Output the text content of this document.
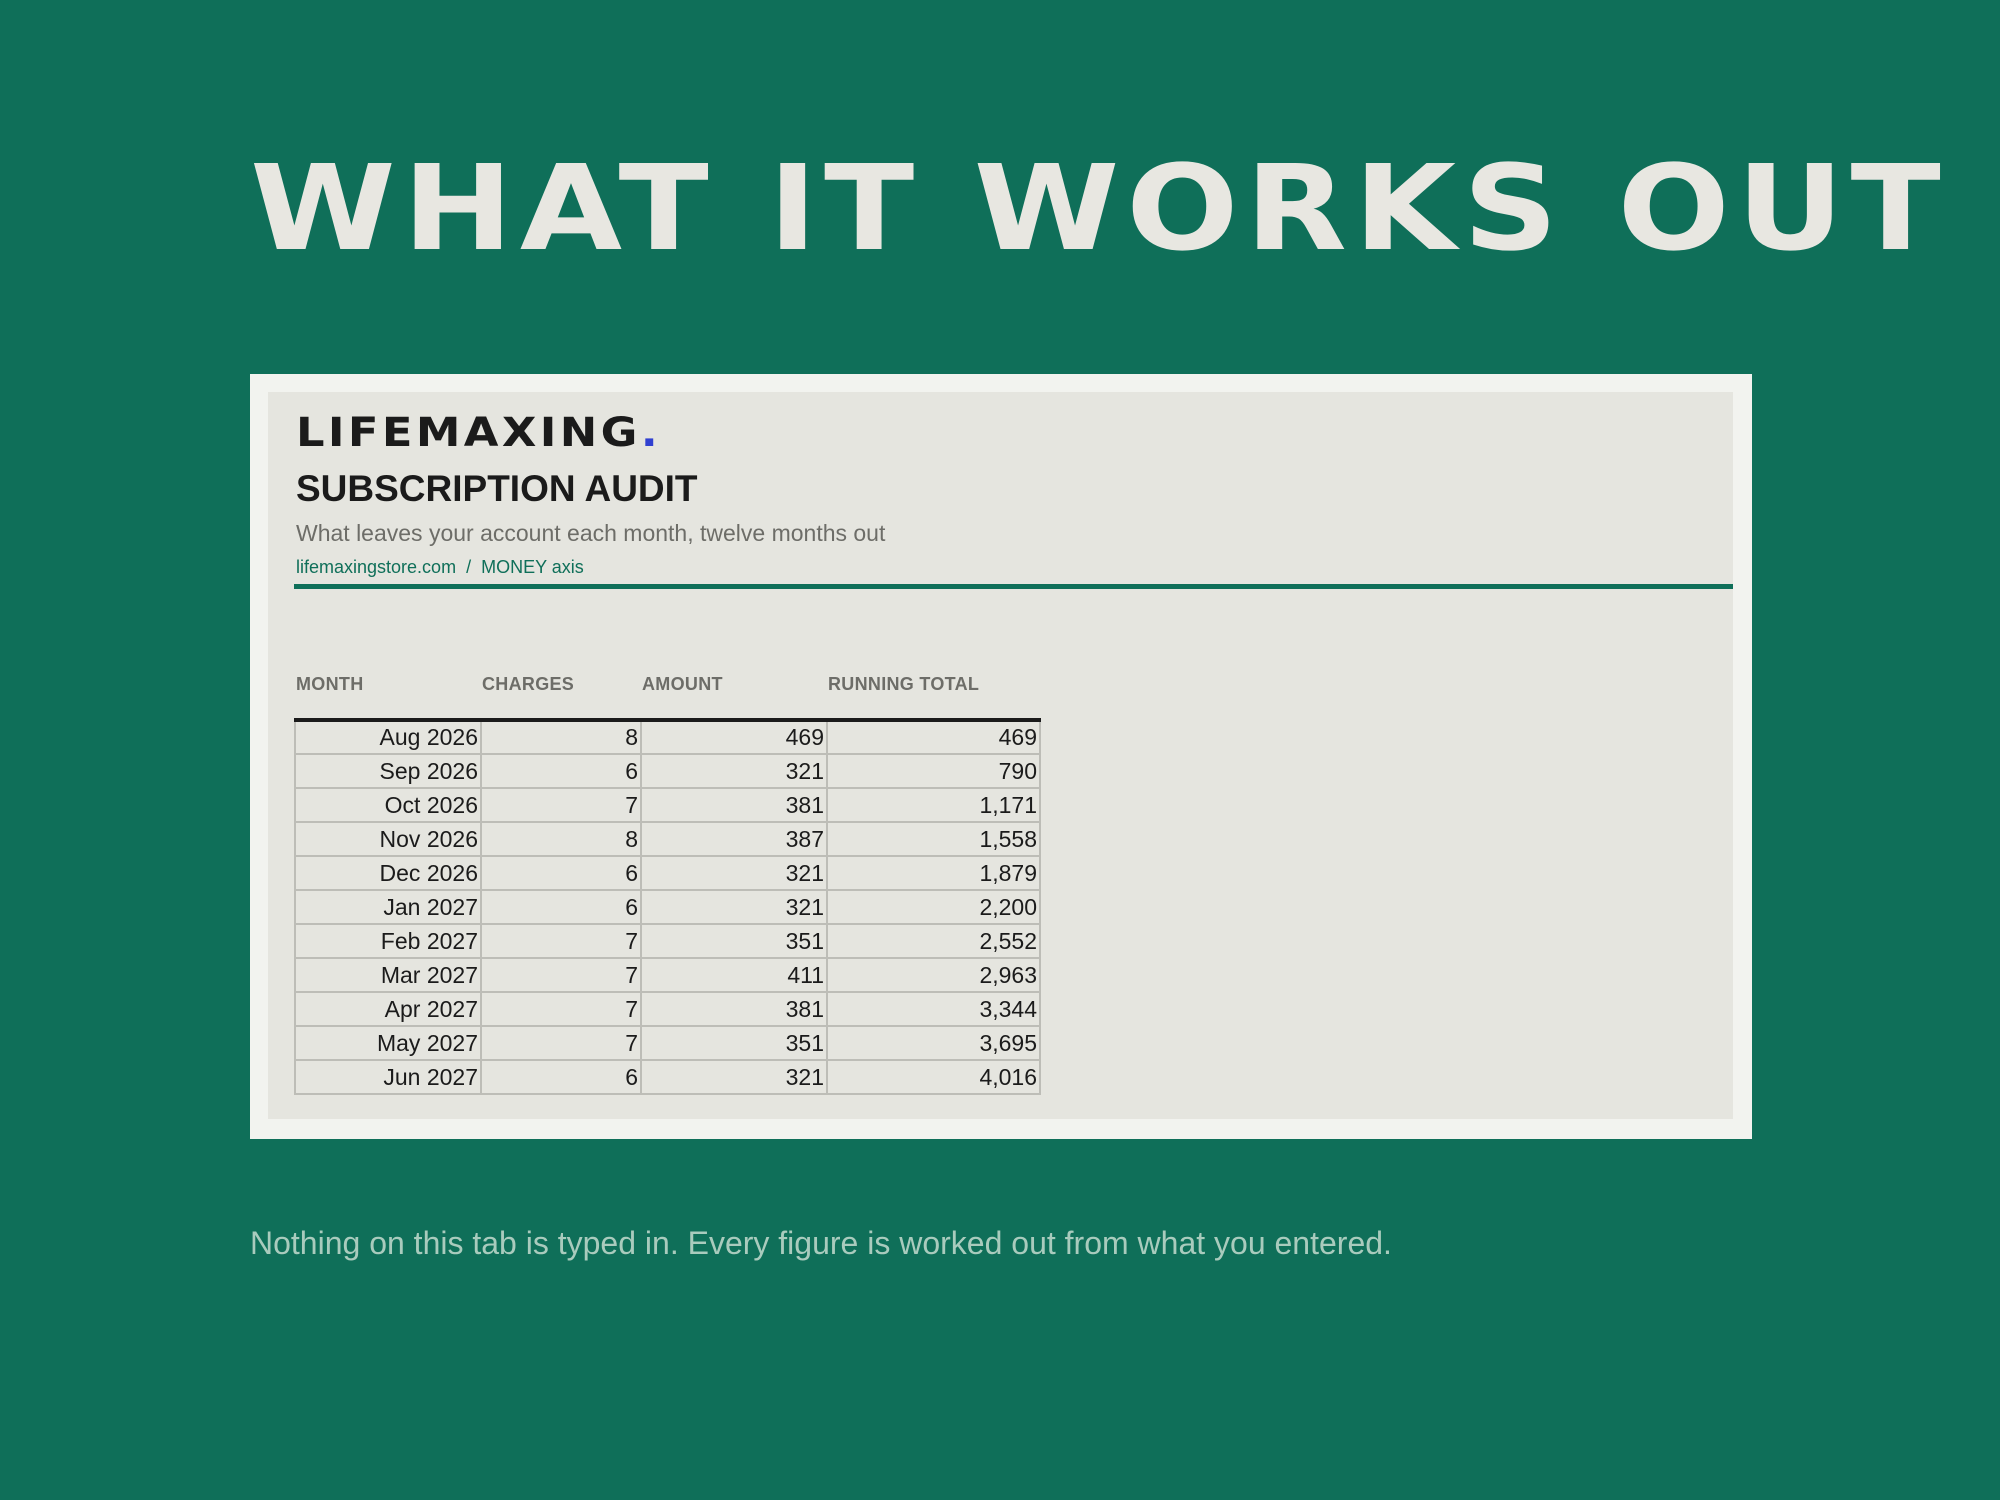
WHAT IT WORKS OUT
LIFEMAXING.
SUBSCRIPTION AUDIT
What leaves your account each month, twelve months out
lifemaxingstore.com / MONEY axis
MONTH	CHARGES	AMOUNT	RUNNING TOTAL
Aug 2026	8	469	469
Sep 2026	6	321	790
Oct 2026	7	381	1,171
Nov 2026	8	387	1,558
Dec 2026	6	321	1,879
Jan 2027	6	321	2,200
Feb 2027	7	351	2,552
Mar 2027	7	411	2,963
Apr 2027	7	381	3,344
May 2027	7	351	3,695
Jun 2027	6	321	4,016
Nothing on this tab is typed in. Every figure is worked out from what you entered.
